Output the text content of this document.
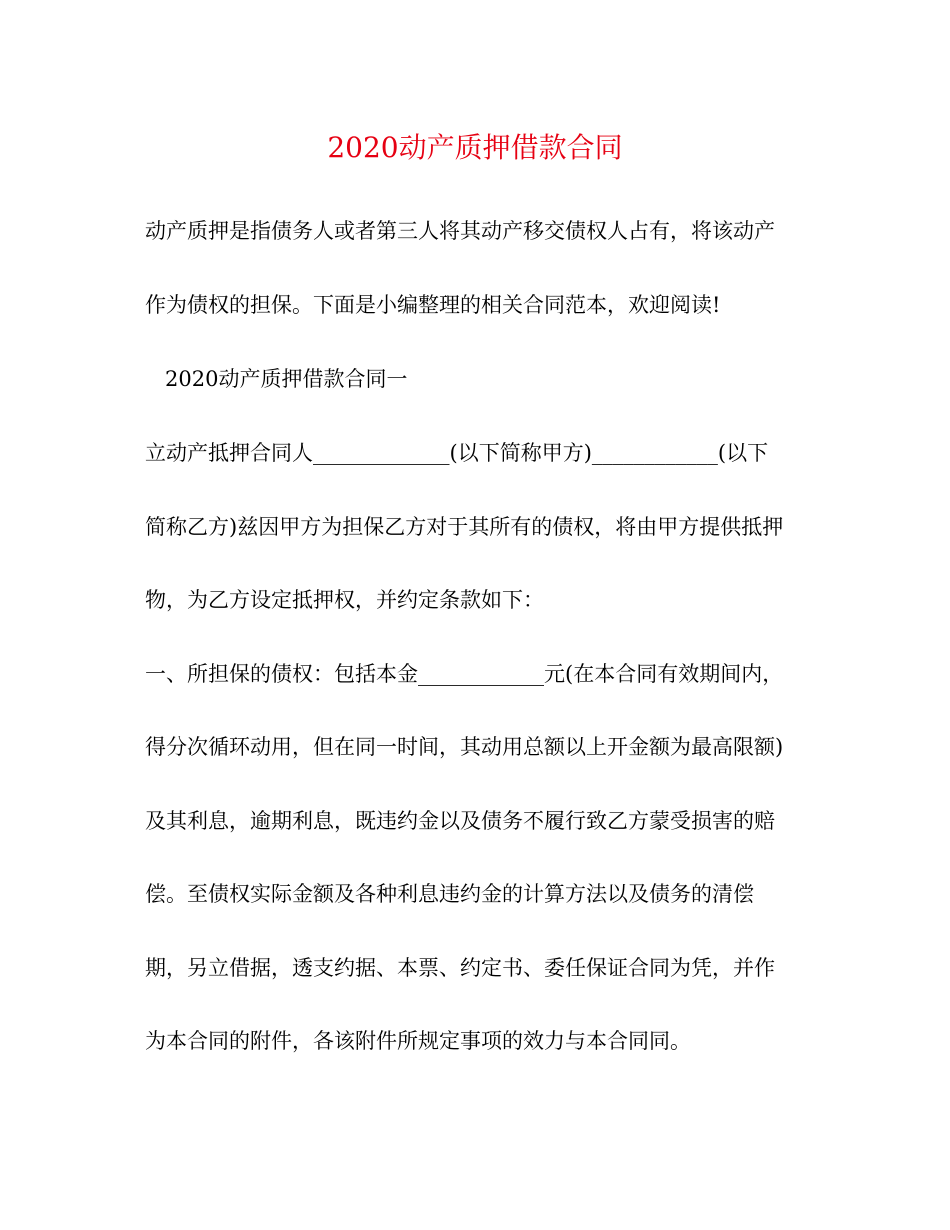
2020动产质押借款合同

动产质押是指债务人或者第三人将其动产移交债权人占有，将该动产

作为债权的担保。下面是小编整理的相关合同范本，欢迎阅读!

2020动产质押借款合同一

立动产抵押合同人_____________(以下简称甲方)____________(以下

简称乙方)兹因甲方为担保乙方对于其所有的债权，将由甲方提供抵押

物，为乙方设定抵押权，并约定条款如下：

一、所担保的债权：包括本金____________元(在本合同有效期间内，

得分次循环动用，但在同一时间，其动用总额以上开金额为最高限额)

及其利息，逾期利息，既违约金以及债务不履行致乙方蒙受损害的赔

偿。至债权实际金额及各种利息违约金的计算方法以及债务的清偿

期，另立借据，透支约据、本票、约定书、委任保证合同为凭，并作

为本合同的附件，各该附件所规定事项的效力与本合同同。
